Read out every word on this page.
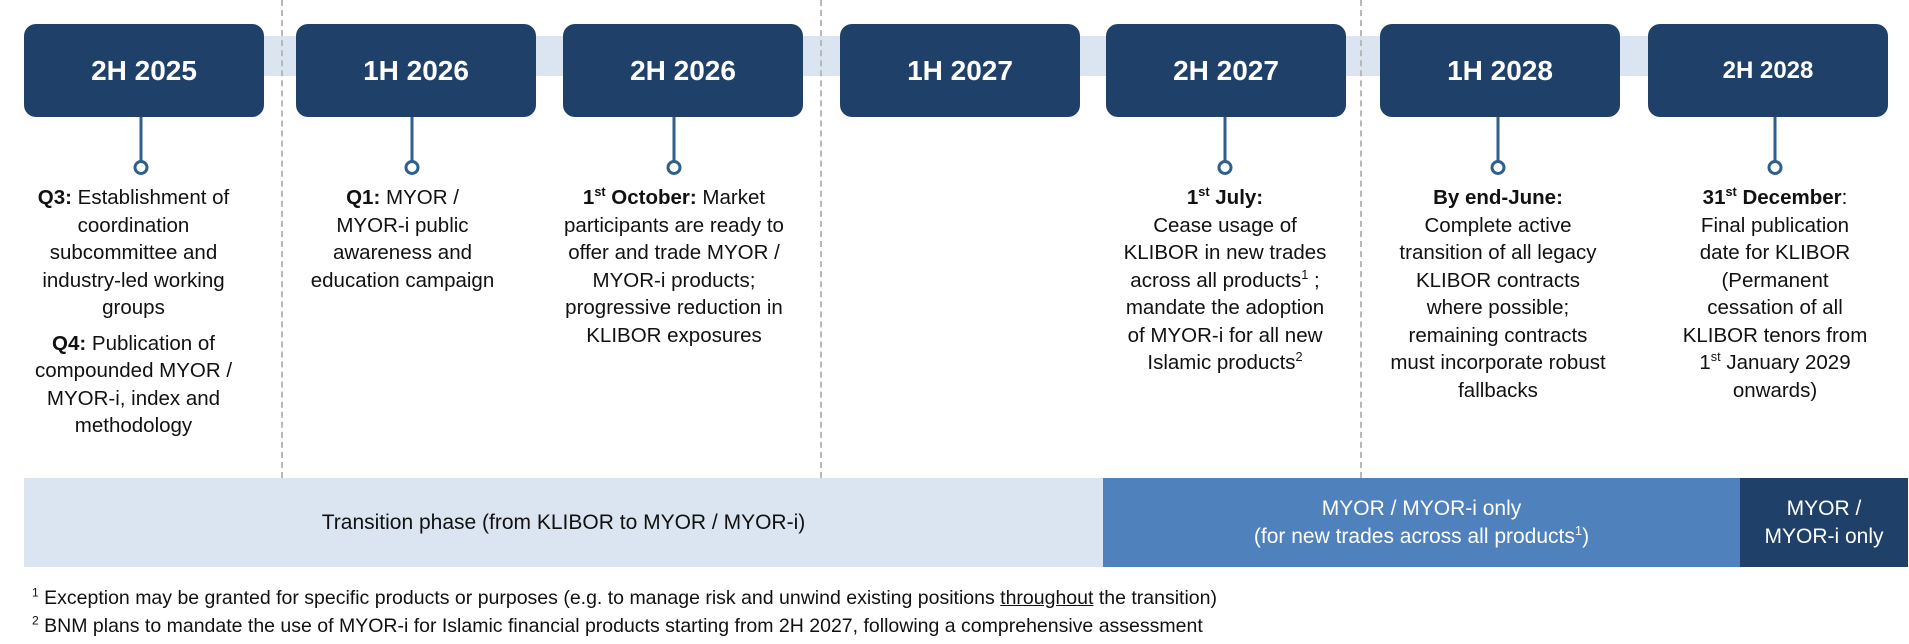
2H 2025	1H 2026	2H 2026	1H 2027	2H 2027	1H 2028	2H 2028

Q3: Establishment of coordination subcommittee and industry-led working groups

Q4: Publication of compounded MYOR / MYOR-i, index and methodology

Q1: MYOR / MYOR-i public awareness and education campaign
1st October: Market participants are ready to offer and trade MYOR / MYOR-i products; progressive reduction in KLIBOR exposures
1st July:
Cease usage of KLIBOR in new trades across all products$^1$ ; mandate the adoption of MYOR-i for all new Islamic products$^2$
By end-June:
Complete active transition of all legacy KLIBOR contracts where possible; remaining contracts must incorporate robust fallbacks
31st December: Final publication date for KLIBOR (Permanent cessation of all KLIBOR tenors from 1st January 2029 onwards)
Transition phase (from KLIBOR to MYOR / MYOR-i)
MYOR / MYOR-i only
(for new trades across all products$^1$)
MYOR /
MYOR-i only
$^1$ Exception may be granted for specific products or purposes (e.g. to manage risk and unwind existing positions throughout the transition)
$^2$ BNM plans to mandate the use of MYOR-i for Islamic financial products starting from 2H 2027, following a comprehensive assessment
